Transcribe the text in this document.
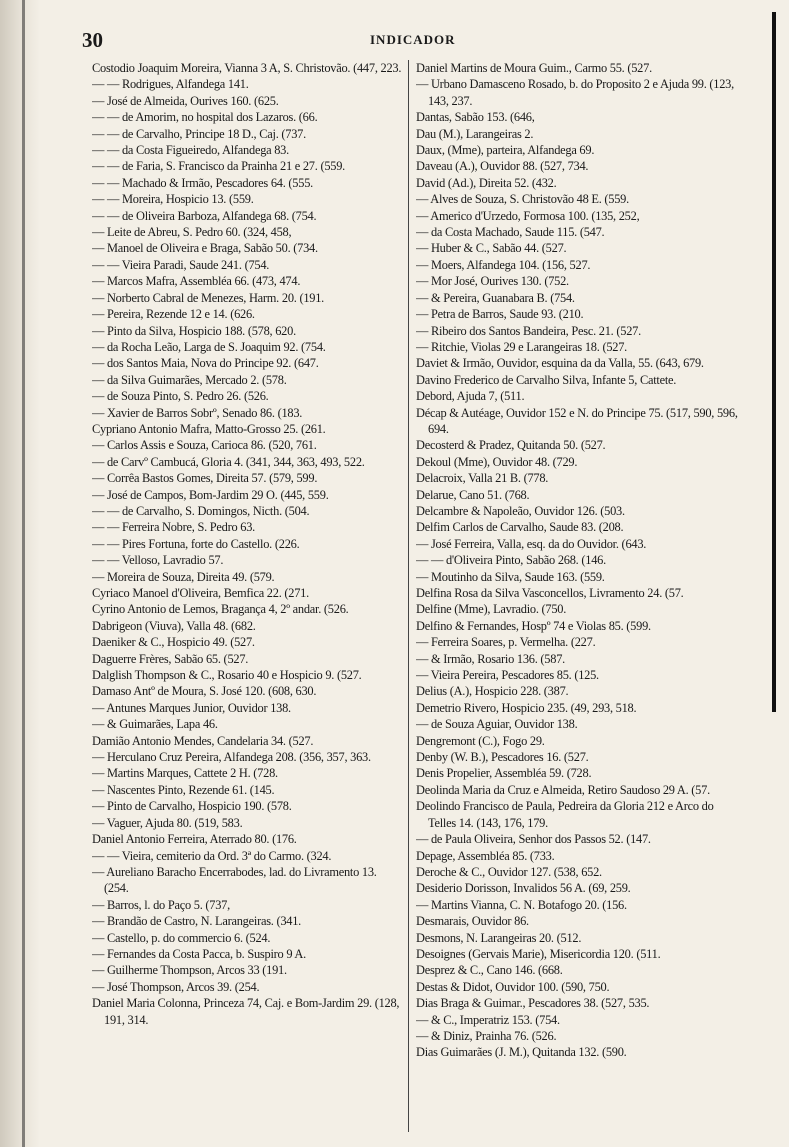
30	INDICADOR
Costodio Joaquim Moreira, Vianna 3 A, S. Christovão. (447, 223.
— — Rodrigues, Alfandega 141.
— José de Almeida, Ourives 160. (625.
— — de Amorim, no hospital dos Lazaros. (66.
— — de Carvalho, Principe 18 D., Caj. (737.
— — da Costa Figueiredo, Alfandega 83.
— — de Faria, S. Francisco da Prainha 21 e 27. (559.
— — Machado & Irmão, Pescadores 64. (555.
— — Moreira, Hospicio 13. (559.
— — de Oliveira Barboza, Alfandega 68. (754.
— Leite de Abreu, S. Pedro 60. (324, 458,
— Manoel de Oliveira e Braga, Sabão 50. (734.
— — Vieira Paradi, Saude 241. (754.
— Marcos Mafra, Assembléa 66. (473, 474.
— Norberto Cabral de Menezes, Harm. 20. (191.
— Pereira, Rezende 12 e 14. (626.
— Pinto da Silva, Hospicio 188. (578, 620.
— da Rocha Leão, Larga de S. Joaquim 92. (754.
— dos Santos Maia, Nova do Principe 92. (647.
— da Silva Guimarães, Mercado 2. (578.
— de Souza Pinto, S. Pedro 26. (526.
— Xavier de Barros Sobrº, Senado 86. (183.
Cypriano Antonio Mafra, Matto-Grosso 25. (261.
— Carlos Assis e Souza, Carioca 86. (520, 761.
— de Carvº Cambucá, Gloria 4. (341, 344, 363, 493, 522.
— Corrêa Bastos Gomes, Direita 57. (579, 599.
— José de Campos, Bom-Jardim 29 O. (445, 559.
— — de Carvalho, S. Domingos, Nicth. (504.
— — Ferreira Nobre, S. Pedro 63.
— — Pires Fortuna, forte do Castello. (226.
— — Velloso, Lavradio 57.
— Moreira de Souza, Direita 49. (579.
Cyriaco Manoel d'Oliveira, Bemfica 22. (271.
Cyrino Antonio de Lemos, Bragança 4, 2º andar. (526.
Dabrigeon (Viuva), Valla 48. (682.
Daeniker & C., Hospicio 49. (527.
Daguerre Frères, Sabão 65. (527.
Dalglish Thompson & C., Rosario 40 e Hospicio 9. (527.
Damaso Antº de Moura, S. José 120. (608, 630.
— Antunes Marques Junior, Ouvidor 138.
— & Guimarães, Lapa 46.
Damião Antonio Mendes, Candelaria 34. (527.
— Herculano Cruz Pereira, Alfandega 208. (356, 357, 363.
— Martins Marques, Cattete 2 H. (728.
— Nascentes Pinto, Rezende 61. (145.
— Pinto de Carvalho, Hospicio 190. (578.
— Vaguer, Ajuda 80. (519, 583.
Daniel Antonio Ferreira, Aterrado 80. (176.
— — Vieira, cemiterio da Ord. 3ª do Carmo. (324.
— Aureliano Baracho Encerrabodes, lad. do Livramento 13. (254.
— Barros, l. do Paço 5. (737,
— Brandão de Castro, N. Larangeiras. (341.
— Castello, p. do commercio 6. (524.
— Fernandes da Costa Pacca, b. Suspiro 9 A.
— Guilherme Thompson, Arcos 33 (191.
— José Thompson, Arcos 39. (254.
Daniel Maria Colonna, Princeza 74, Caj. e Bom-Jardim 29. (128, 191, 314.
Daniel Martins de Moura Guim., Carmo 55. (527.
— Urbano Damasceno Rosado, b. do Proposito 2 e Ajuda 99. (123, 143, 237.
Dantas, Sabão 153. (646,
Dau (M.), Larangeiras 2.
Daux, (Mme), parteira, Alfandega 69.
Daveau (A.), Ouvidor 88. (527, 734.
David (Ad.), Direita 52. (432.
— Alves de Souza, S. Christovão 48 E. (559.
— Americo d'Urzedo, Formosa 100. (135, 252,
— da Costa Machado, Saude 115. (547.
— Huber & C., Sabão 44. (527.
— Moers, Alfandega 104. (156, 527.
— Mor José, Ourives 130. (752.
— & Pereira, Guanabara B. (754.
— Petra de Barros, Saude 93. (210.
— Ribeiro dos Santos Bandeira, Pesc. 21. (527.
— Ritchie, Violas 29 e Larangeiras 18. (527.
Daviet & Irmão, Ouvidor, esquina da da Valla, 55. (643, 679.
Davino Frederico de Carvalho Silva, Infante 5, Cattete.
Debord, Ajuda 7, (511.
Décap & Autéage, Ouvidor 152 e N. do Principe 75. (517, 590, 596, 694.
Decosterd & Pradez, Quitanda 50. (527.
Dekoul (Mme), Ouvidor 48. (729.
Delacroix, Valla 21 B. (778.
Delarue, Cano 51. (768.
Delcambre & Napoleão, Ouvidor 126. (503.
Delfim Carlos de Carvalho, Saude 83. (208.
— José Ferreira, Valla, esq. da do Ouvidor. (643.
— — d'Oliveira Pinto, Sabão 268. (146.
— Moutinho da Silva, Saude 163. (559.
Delfina Rosa da Silva Vasconcellos, Livramento 24. (57.
Delfine (Mme), Lavradio. (750.
Delfino & Fernandes, Hospº 74 e Violas 85. (599.
— Ferreira Soares, p. Vermelha. (227.
— & Irmão, Rosario 136. (587.
— Vieira Pereira, Pescadores 85. (125.
Delius (A.), Hospicio 228. (387.
Demetrio Rivero, Hospicio 235. (49, 293, 518.
— de Souza Aguiar, Ouvidor 138.
Dengremont (C.), Fogo 29.
Denby (W. B.), Pescadores 16. (527.
Denis Propelier, Assembléa 59. (728.
Deolinda Maria da Cruz e Almeida, Retiro Saudoso 29 A. (57.
Deolindo Francisco de Paula, Pedreira da Gloria 212 e Arco do Telles 14. (143, 176, 179.
— de Paula Oliveira, Senhor dos Passos 52. (147.
Depage, Assembléa 85. (733.
Deroche & C., Ouvidor 127. (538, 652.
Desiderio Dorisson, Invalidos 56 A. (69, 259.
— Martins Vianna, C. N. Botafogo 20. (156.
Desmarais, Ouvidor 86.
Desmons, N. Larangeiras 20. (512.
Desoignes (Gervais Marie), Misericordia 120. (511.
Desprez & C., Cano 146. (668.
Destas & Didot, Ouvidor 100. (590, 750.
Dias Braga & Guimar., Pescadores 38. (527, 535.
— & C., Imperatriz 153. (754.
— & Diniz, Prainha 76. (526.
Dias Guimarães (J. M.), Quitanda 132. (590.
